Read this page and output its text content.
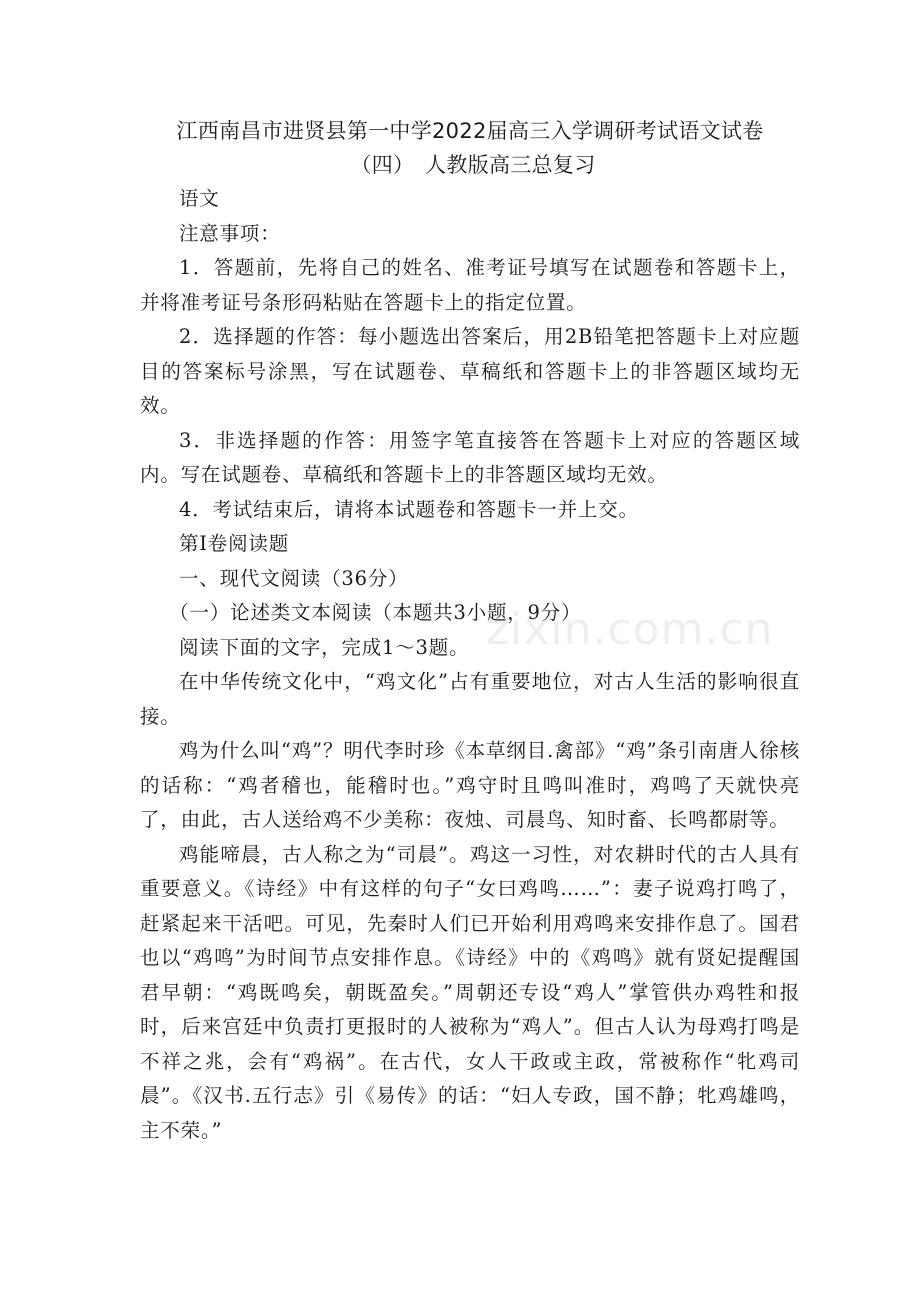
江西南昌市进贤县第一中学2022届高三入学调研考试语文试卷
（四）　人教版高三总复习

语文

注意事项：

1．答题前，先将自己的姓名、准考证号填写在试题卷和答题卡上，并将准考证号条形码粘贴在答题卡上的指定位置。

2．选择题的作答：每小题选出答案后，用2B铅笔把答题卡上对应题目的答案标号涂黑，写在试题卷、草稿纸和答题卡上的非答题区域均无效。

3．非选择题的作答：用签字笔直接答在答题卡上对应的答题区域内。写在试题卷、草稿纸和答题卡上的非答题区域均无效。

4．考试结束后，请将本试题卷和答题卡一并上交。

第Ⅰ卷阅读题

一、现代文阅读（36分）

（一）论述类文本阅读（本题共3小题，9分）

阅读下面的文字，完成1～3题。

在中华传统文化中，“鸡文化”占有重要地位，对古人生活的影响很直接。

鸡为什么叫“鸡”？明代李时珍《本草纲目.禽部》“鸡”条引南唐人徐核的话称：“鸡者稽也，能稽时也。”鸡守时且鸣叫准时，鸡鸣了天就快亮了，由此，古人送给鸡不少美称：夜烛、司晨鸟、知时畜、长鸣都尉等。

鸡能啼晨，古人称之为“司晨”。鸡这一习性，对农耕时代的古人具有重要意义。《诗经》中有这样的句子“女曰鸡鸣……”：妻子说鸡打鸣了，赶紧起来干活吧。可见，先秦时人们已开始利用鸡鸣来安排作息了。国君也以“鸡鸣”为时间节点安排作息。《诗经》中的《鸡鸣》就有贤妃提醒国君早朝：“鸡既鸣矣，朝既盈矣。”周朝还专设“鸡人”掌管供办鸡牲和报时，后来宫廷中负责打更报时的人被称为“鸡人”。但古人认为母鸡打鸣是不祥之兆，会有“鸡祸”。在古代，女人干政或主政，常被称作“牝鸡司晨”。《汉书.五行志》引《易传》的话：“妇人专政，国不静；牝鸡雄鸣，主不荣。”

zixin.com.cn
